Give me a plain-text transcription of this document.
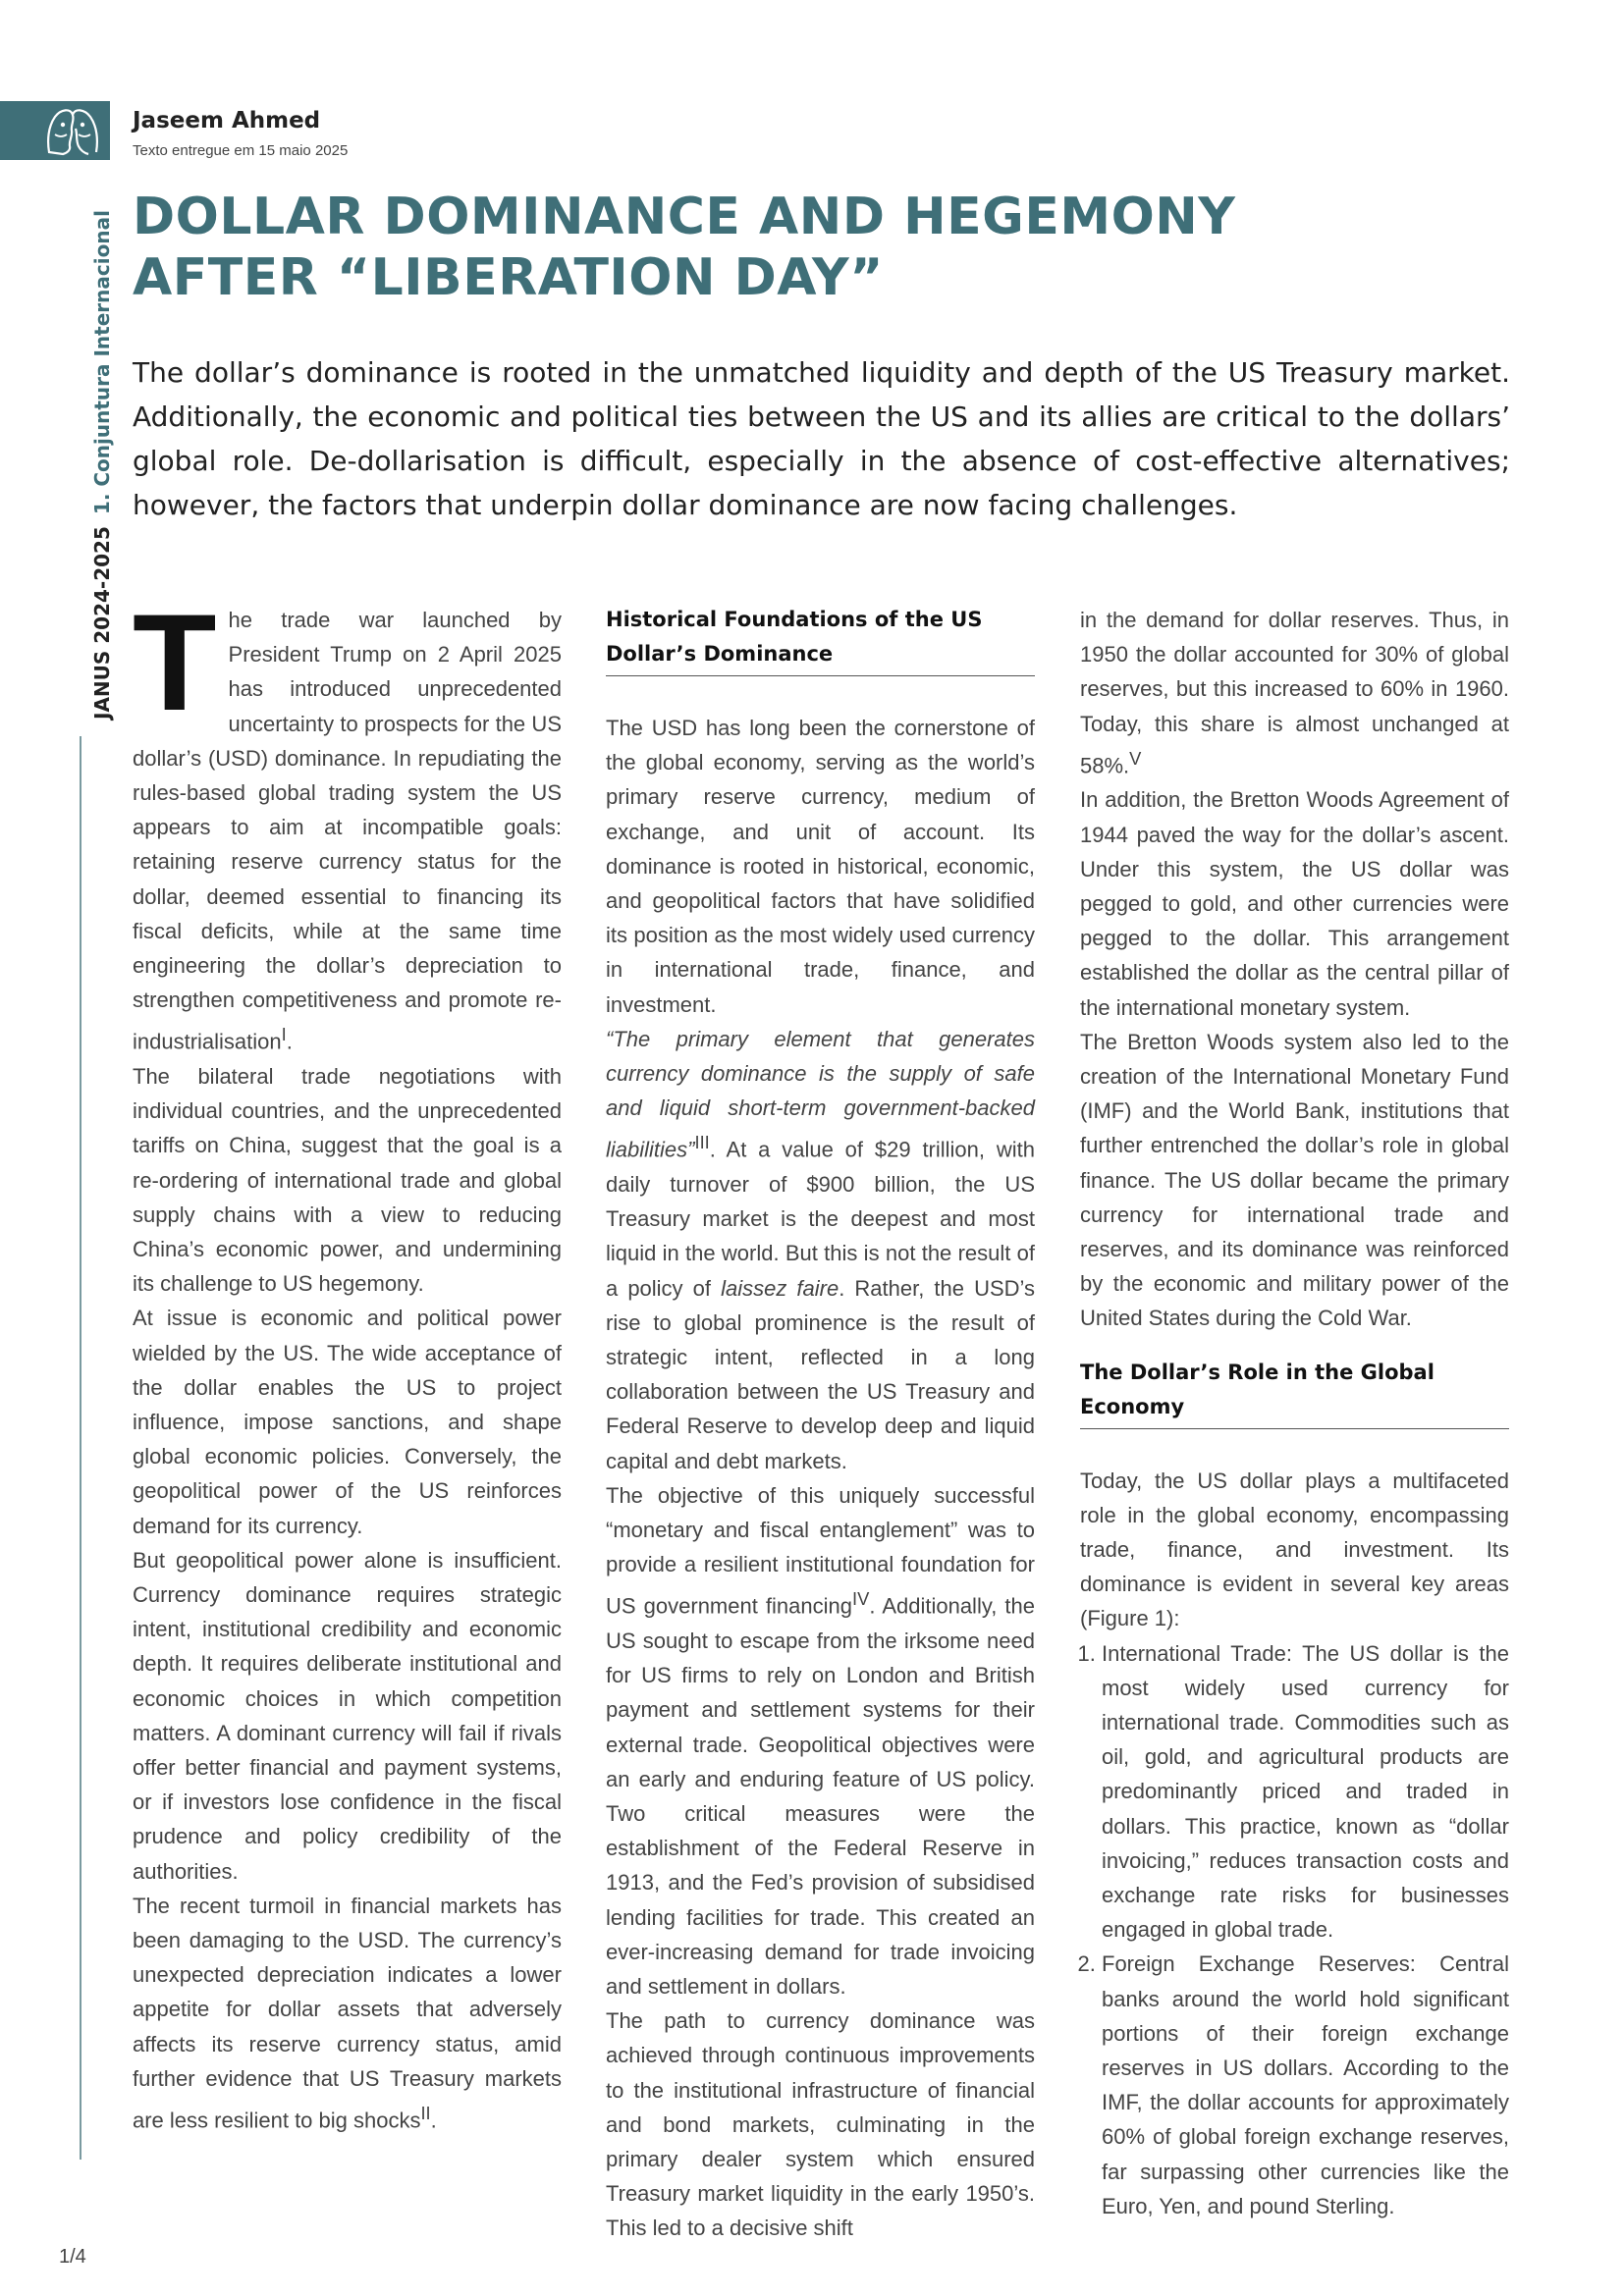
Jaseem Ahmed
Texto entregue em 15 maio 2025
JANUS 2024-20251. Conjuntura Internacional DOLLAR DOMINANCE AND HEGEMONY
AFTER “LIBERATION DAY”

The dollar’s dominance is rooted in the unmatched liquidity and depth of the US Treasury market. Additionally, the economic and political ties between the US and its allies are critical to the dollars’ global role. De-dollarisation is difficult, especially in the absence of cost-effective alternatives; however, the factors that underpin dollar dominance are now facing challenges.

The trade war launched by President Trump on 2 April 2025 has introduced unprecedented uncertainty to prospects for the US dollar’s (USD) dominance. In repudiating the rules-based global trading system the US appears to aim at incompatible goals: retaining reserve currency status for the dollar, deemed essential to financing its fiscal deficits, while at the same time engineering the dollar’s depreciation to strengthen competitiveness and promote re-industrialisation$^I$.

The bilateral trade negotiations with individual countries, and the unprecedented tariffs on China, suggest that the goal is a re-ordering of international trade and global supply chains with a view to reducing China’s economic power, and undermining its challenge to US hegemony.

At issue is economic and political power wielded by the US. The wide acceptance of the dollar enables the US to project influence, impose sanctions, and shape global economic policies. Conversely, the geopolitical power of the US reinforces demand for its currency.

But geopolitical power alone is insufficient. Currency dominance requires strategic intent, institutional credibility and economic depth. It requires deliberate institutional and economic choices in which competition matters. A dominant currency will fail if rivals offer better financial and payment systems, or if investors lose confidence in the fiscal prudence and policy credibility of the authorities.

The recent turmoil in financial markets has been damaging to the USD. The currency’s unexpected depreciation indicates a lower appetite for dollar assets that adversely affects its reserve currency status, amid further evidence that US Treasury markets are less resilient to big shocks$^{II}$.

Historical Foundations of the US Dollar’s Dominance

The USD has long been the cornerstone of the global economy, serving as the world’s primary reserve currency, medium of exchange, and unit of account. Its dominance is rooted in historical, economic, and geopolitical factors that have solidified its position as the most widely used currency in international trade, finance, and investment.

“The primary element that generates currency dominance is the supply of safe and liquid short-term government-backed liabilities”$^{III}$. At a value of $29 trillion, with daily turnover of $900 billion, the US Treasury market is the deepest and most liquid in the world. But this is not the result of a policy of laissez faire. Rather, the USD’s rise to global prominence is the result of strategic intent, reflected in a long collaboration between the US Treasury and Federal Reserve to develop deep and liquid capital and debt markets.

The objective of this uniquely successful “monetary and fiscal entanglement” was to provide a resilient institutional foundation for US government financing$^{IV}$. Additionally, the US sought to escape from the irksome need for US firms to rely on London and British payment and settlement systems for their external trade. Geopolitical objectives were an early and enduring feature of US policy. Two critical measures were the establishment of the Federal Reserve in 1913, and the Fed’s provision of subsidised lending facilities for trade. This created an ever-increasing demand for trade invoicing and settlement in dollars.

The path to currency dominance was achieved through continuous improvements to the institutional infrastructure of financial and bond markets, culminating in the primary dealer system which ensured Treasury market liquidity in the early 1950’s. This led to a decisive shift

in the demand for dollar reserves. Thus, in 1950 the dollar accounted for 30% of global reserves, but this increased to 60% in 1960. Today, this share is almost unchanged at 58%.$^V$

In addition, the Bretton Woods Agreement of 1944 paved the way for the dollar’s ascent. Under this system, the US dollar was pegged to gold, and other currencies were pegged to the dollar. This arrangement established the dollar as the central pillar of the international monetary system.

The Bretton Woods system also led to the creation of the International Monetary Fund (IMF) and the World Bank, institutions that further entrenched the dollar’s role in global finance. The US dollar became the primary currency for international trade and reserves, and its dominance was reinforced by the economic and military power of the United States during the Cold War.

The Dollar’s Role in the Global Economy

Today, the US dollar plays a multifaceted role in the global economy, encompassing trade, finance, and investment. Its dominance is evident in several key areas (Figure 1):

1. International Trade: The US dollar is the most widely used currency for international trade. Commodities such as oil, gold, and agricultural products are predominantly priced and traded in dollars. This practice, known as “dollar invoicing,” reduces transaction costs and exchange rate risks for businesses engaged in global trade.
2. Foreign Exchange Reserves: Central banks around the world hold significant portions of their foreign exchange reserves in US dollars. According to the IMF, the dollar accounts for approximately 60% of global foreign exchange reserves, far surpassing other currencies like the Euro, Yen, and pound Sterling.
1/4
